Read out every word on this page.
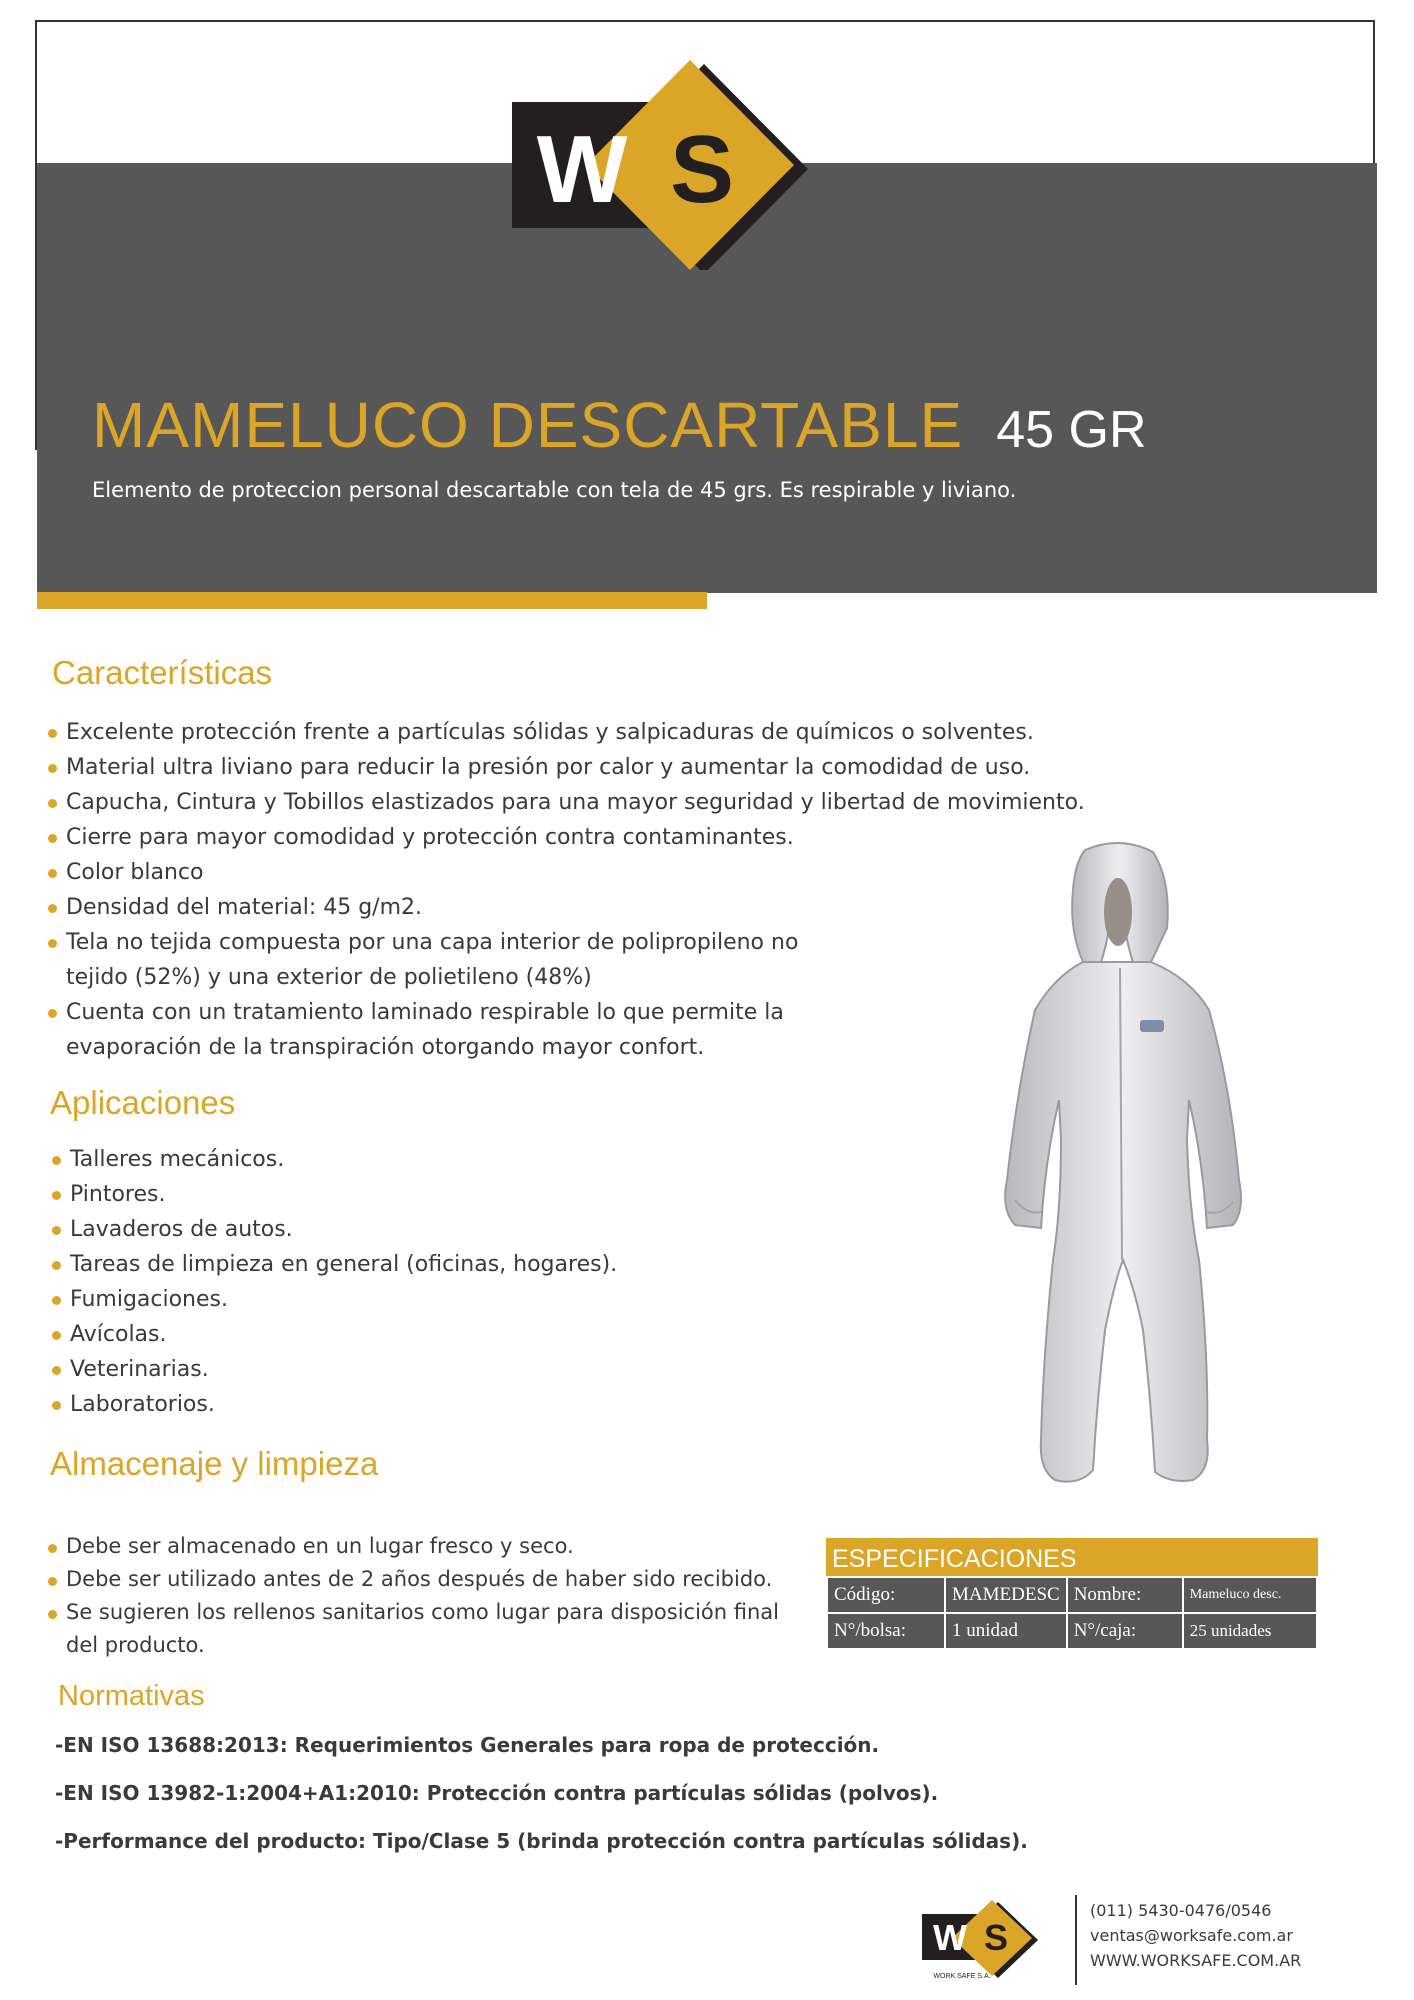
W S
MAMELUCO DESCARTABLE 45 GR
Elemento de proteccion personal descartable con tela de 45 grs. Es respirable y liviano.
Características
Excelente protección frente a partículas sólidas y salpicaduras de químicos o solventes.
Material ultra liviano para reducir la presión por calor y aumentar la comodidad de uso.
Capucha, Cintura y Tobillos elastizados para una mayor seguridad y libertad de movimiento.
Cierre para mayor comodidad y protección contra contaminantes.
Color blanco
Densidad del material: 45 g/m2.
Tela no tejida compuesta por una capa interior de polipropileno no tejido (52%) y una exterior de polietileno (48%)
Cuenta con un tratamiento laminado respirable lo que permite la evaporación de la transpiración otorgando mayor confort.
Aplicaciones
Talleres mecánicos.
Pintores.
Lavaderos de autos.
Tareas de limpieza en general (oficinas, hogares).
Fumigaciones.
Avícolas.
Veterinarias.
Laboratorios.
Almacenaje y limpieza
Debe ser almacenado en un lugar fresco y seco.
Debe ser utilizado antes de 2 años después de haber sido recibido.
Se sugieren los rellenos sanitarios como lugar para disposición final del producto.
ESPECIFICACIONES
Código:	MAMEDESC	Nombre:	Mameluco desc.
N°/bolsa:	1 unidad	N°/caja:	25 unidades
Normativas
-EN ISO 13688:2013: Requerimientos Generales para ropa de protección.
-EN ISO 13982-1:2004+A1:2010: Protección contra partículas sólidas (polvos).
-Performance del producto: Tipo/Clase 5 (brinda protección contra partículas sólidas).
W S
WORK SAFE S.A.
(011) 5430-0476/0546
ventas@worksafe.com.ar
WWW.WORKSAFE.COM.AR
